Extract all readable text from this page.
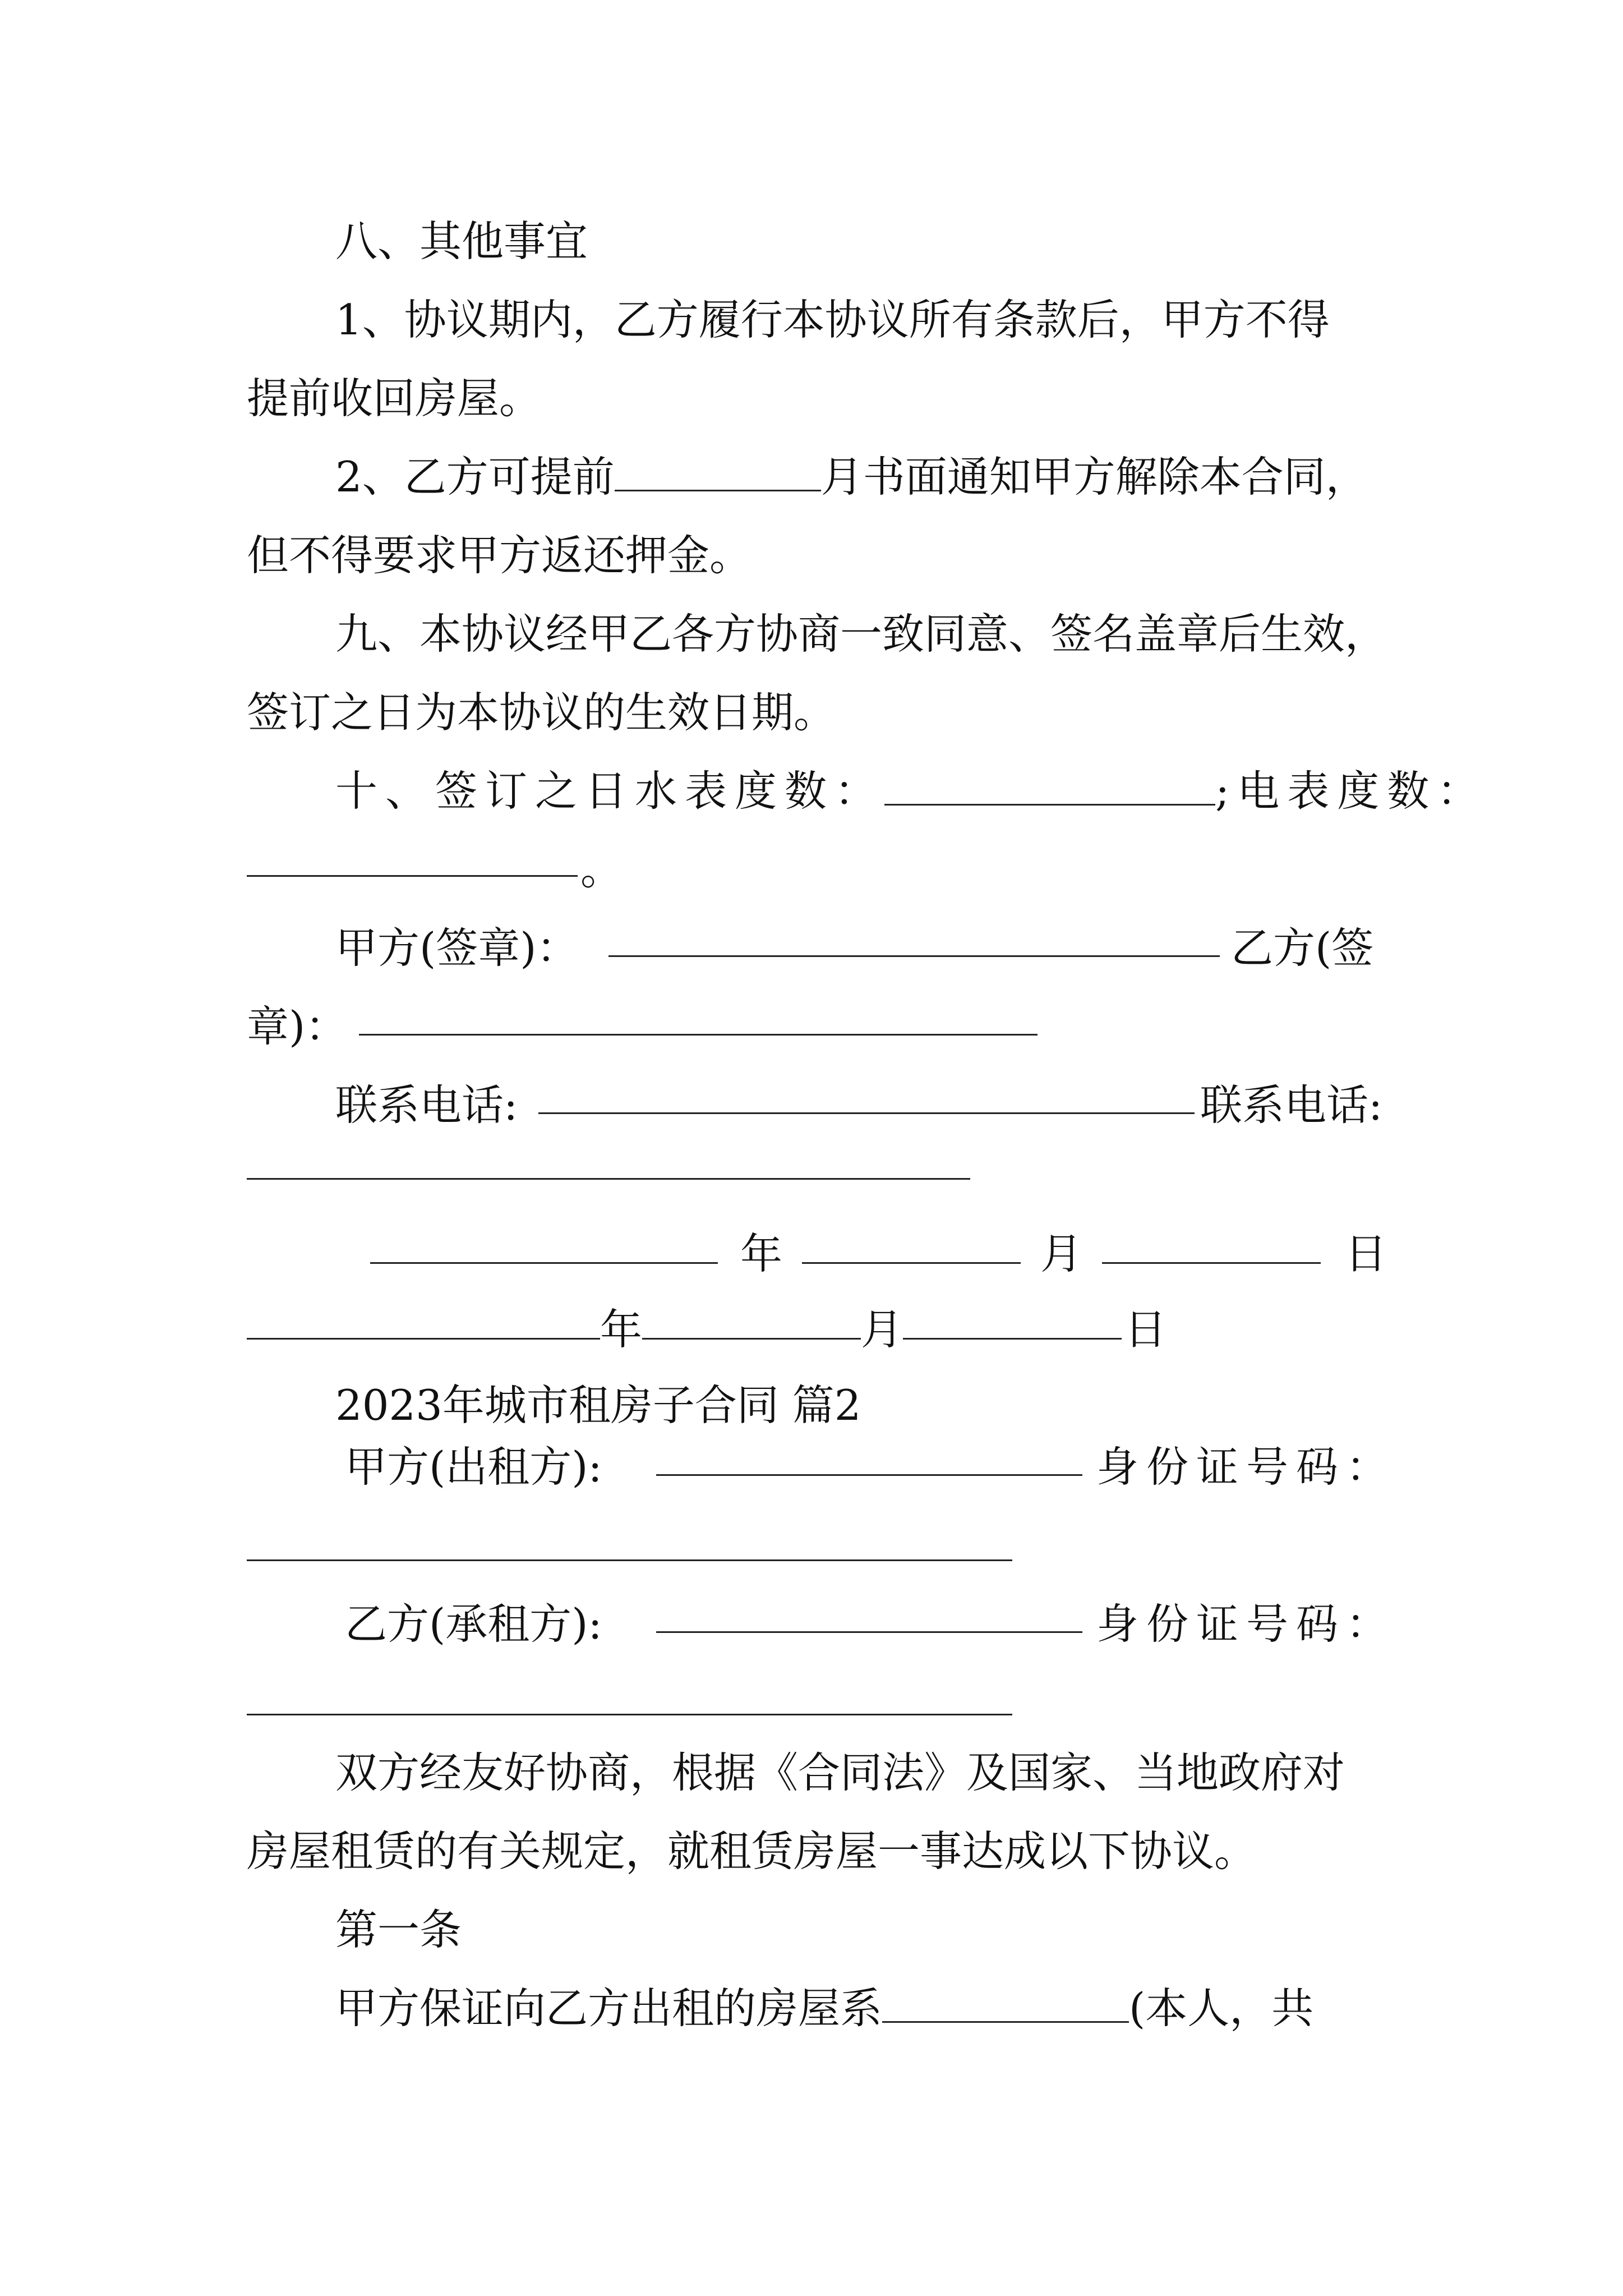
八、其他事宜
1、协议期内，乙方履行本协议所有条款后，甲方不得
提前收回房屋。
2、乙方可提前	月书面通知甲方解除本合同，
但不得要求甲方返还押金。
九、本协议经甲乙各方协商一致同意、签名盖章后生效，
签订之日为本协议的生效日期。
十、签订之日水表度数：	;电表度数：
。
甲方(签章)：	乙方(签
章)：
联系电话:	联系电话:
年	月	日
年	月	日
2023年城市租房子合同 篇2
甲方(出租方):	身份证号码：
乙方(承租方):	身份证号码：
双方经友好协商，根据《合同法》及国家、当地政府对
房屋租赁的有关规定，就租赁房屋一事达成以下协议。
第一条
甲方保证向乙方出租的房屋系	(本人，共
